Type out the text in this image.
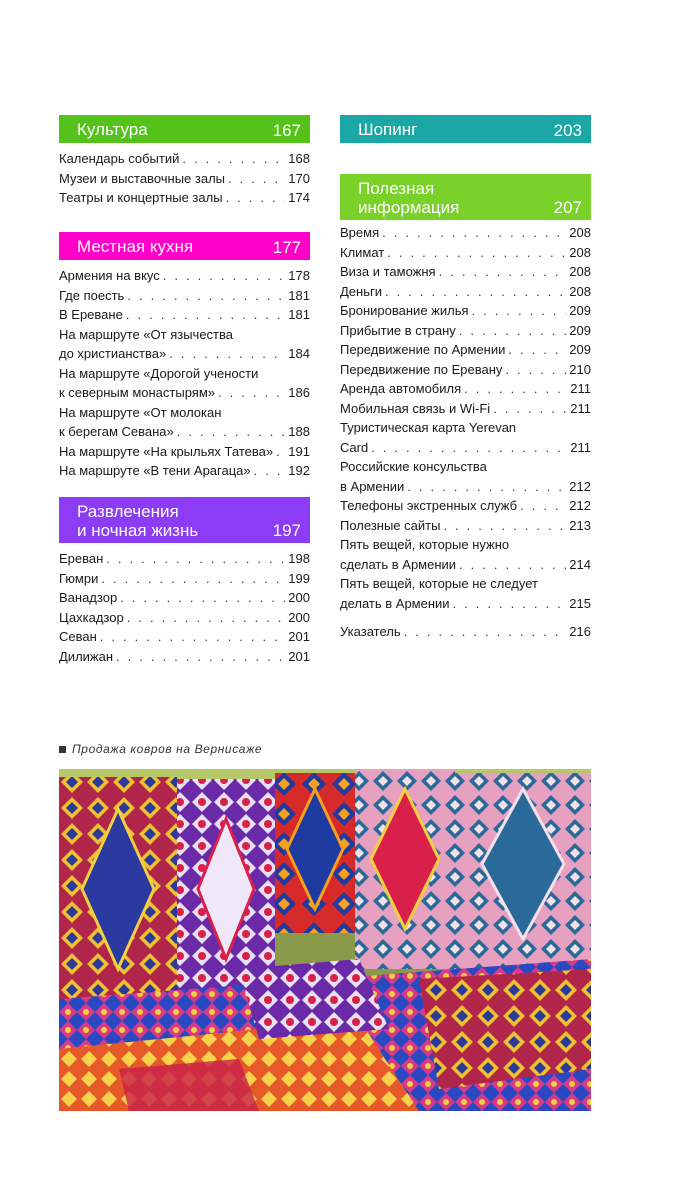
Культура	167
Календарь событий . . .	168
Музеи и выставочные залы . . .	170
Театры и концертные залы . . .	174
Местная кухня	177
Армения на вкус . . .	178
Где поесть . . .	181
В Ереване . . .	181
На маршруте «От язычества
до христианства» . . .	184
На маршруте «Дорогой учености
к северным монастырям» . . .	186
На маршруте «От молокан
к берегам Севана» . . .	188
На маршруте «На крыльях Татева» . . . 191
На маршруте «В тени Арагаца» . . .	192
Развлечения
и ночная жизнь	197
Ереван . . .	198
Гюмри . . .	199
Ванадзор . . .	200
Цахкадзор . . .	200
Севан . . .	201
Дилижан . . .	201
Шопинг	203
Полезная
информация	207
Время . . .	208
Климат . . .	208
Виза и таможня . . .	208
Деньги . . .	208
Бронирование жилья . . .	209
Прибытие в страну . . .	209
Передвижение по Армении . . .	209
Передвижение по Еревану . . .	210
Аренда автомобиля . . .	211
Мобильная связь и Wi-Fi . . .	211
Туристическая карта Yerevan
Card . . .	211
Российские консульства
в Армении . . .	212
Телефоны экстренных служб . . .	212
Полезные сайты . . .	213
Пять вещей, которые нужно
сделать в Армении . . .	214
Пять вещей, которые не следует
делать в Армении . . .	215
Указатель . . .	216
Продажа ковров на Вернисаже
